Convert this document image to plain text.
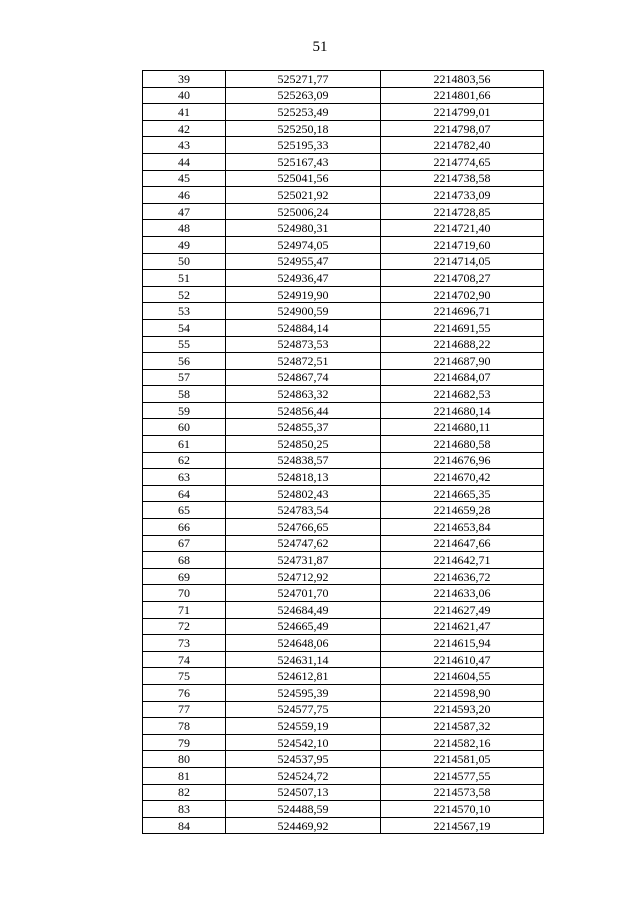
51
39	525271,77	2214803,56
40	525263,09	2214801,66
41	525253,49	2214799,01
42	525250,18	2214798,07
43	525195,33	2214782,40
44	525167,43	2214774,65
45	525041,56	2214738,58
46	525021,92	2214733,09
47	525006,24	2214728,85
48	524980,31	2214721,40
49	524974,05	2214719,60
50	524955,47	2214714,05
51	524936,47	2214708,27
52	524919,90	2214702,90
53	524900,59	2214696,71
54	524884,14	2214691,55
55	524873,53	2214688,22
56	524872,51	2214687,90
57	524867,74	2214684,07
58	524863,32	2214682,53
59	524856,44	2214680,14
60	524855,37	2214680,11
61	524850,25	2214680,58
62	524838,57	2214676,96
63	524818,13	2214670,42
64	524802,43	2214665,35
65	524783,54	2214659,28
66	524766,65	2214653,84
67	524747,62	2214647,66
68	524731,87	2214642,71
69	524712,92	2214636,72
70	524701,70	2214633,06
71	524684,49	2214627,49
72	524665,49	2214621,47
73	524648,06	2214615,94
74	524631,14	2214610,47
75	524612,81	2214604,55
76	524595,39	2214598,90
77	524577,75	2214593,20
78	524559,19	2214587,32
79	524542,10	2214582,16
80	524537,95	2214581,05
81	524524,72	2214577,55
82	524507,13	2214573,58
83	524488,59	2214570,10
84	524469,92	2214567,19
